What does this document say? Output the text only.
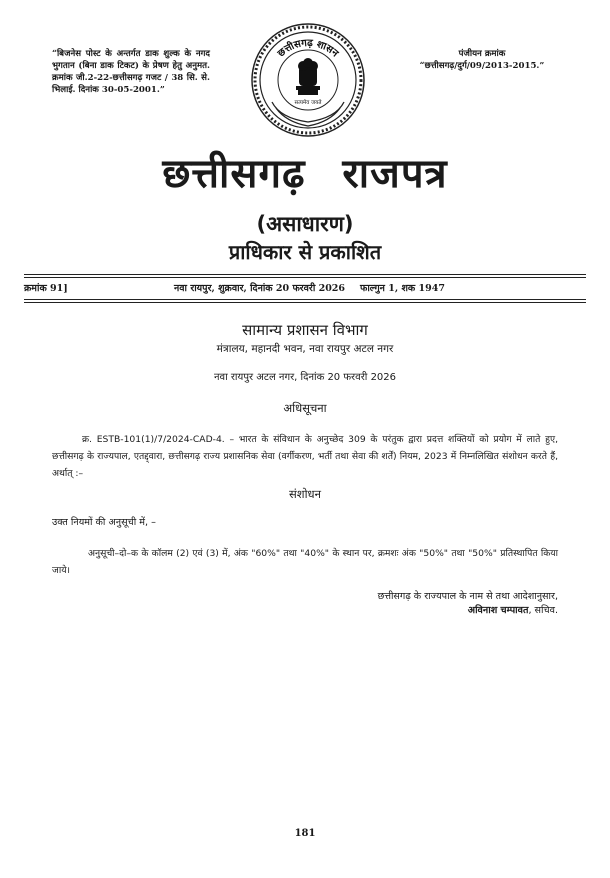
“बिजनेस पोस्ट के अन्तर्गत डाक शुल्क के नगद भुगतान (बिना डाक टिकट) के प्रेषण हेतु अनुमत. क्रमांक जी.2-22-छत्तीसगढ़ गजट / 38 सि. से. भिलाई. दिनांक 30-05-2001.”
पंजीयन क्रमांक
“छत्तीसगढ़/दुर्ग/09/2013-2015.”
छत्तीसगढ़ शासन
सत्यमेव जयते
छत्तीसगढ़ राजपत्र
(असाधारण)
प्राधिकार से प्रकाशित
क्रमांक 91]	नवा रायपुर, शुक्रवार, दिनांक 20 फरवरी 2026 फाल्गुन 1, शक 1947
सामान्य प्रशासन विभाग
मंत्रालय, महानदी भवन, नवा रायपुर अटल नगर
नवा रायपुर अटल नगर, दिनांक 20 फरवरी 2026
अधिसूचना
क्र. ESTB-101(1)/7/2024-CAD-4. – भारत के संविधान के अनुच्छेद 309 के परंतुक द्वारा प्रदत्त शक्तियों को प्रयोग में लाते हुए, छत्तीसगढ़ के राज्यपाल, एतद्द्वारा, छत्तीसगढ़ राज्य प्रशासनिक सेवा (वर्गीकरण, भर्ती तथा सेवा की शर्तें) नियम, 2023 में निम्नलिखित संशोधन करते हैं, अर्थात् :–
संशोधन
उक्त नियमों की अनुसूची में, –
अनुसूची–दो–क के कॉलम (2) एवं (3) में, अंक "60%" तथा "40%" के स्थान पर, क्रमशः अंक "50%" तथा "50%" प्रतिस्थापित किया जाये।
छत्तीसगढ़ के राज्यपाल के नाम से तथा आदेशानुसार,
अविनाश चम्पावत, सचिव.
181
